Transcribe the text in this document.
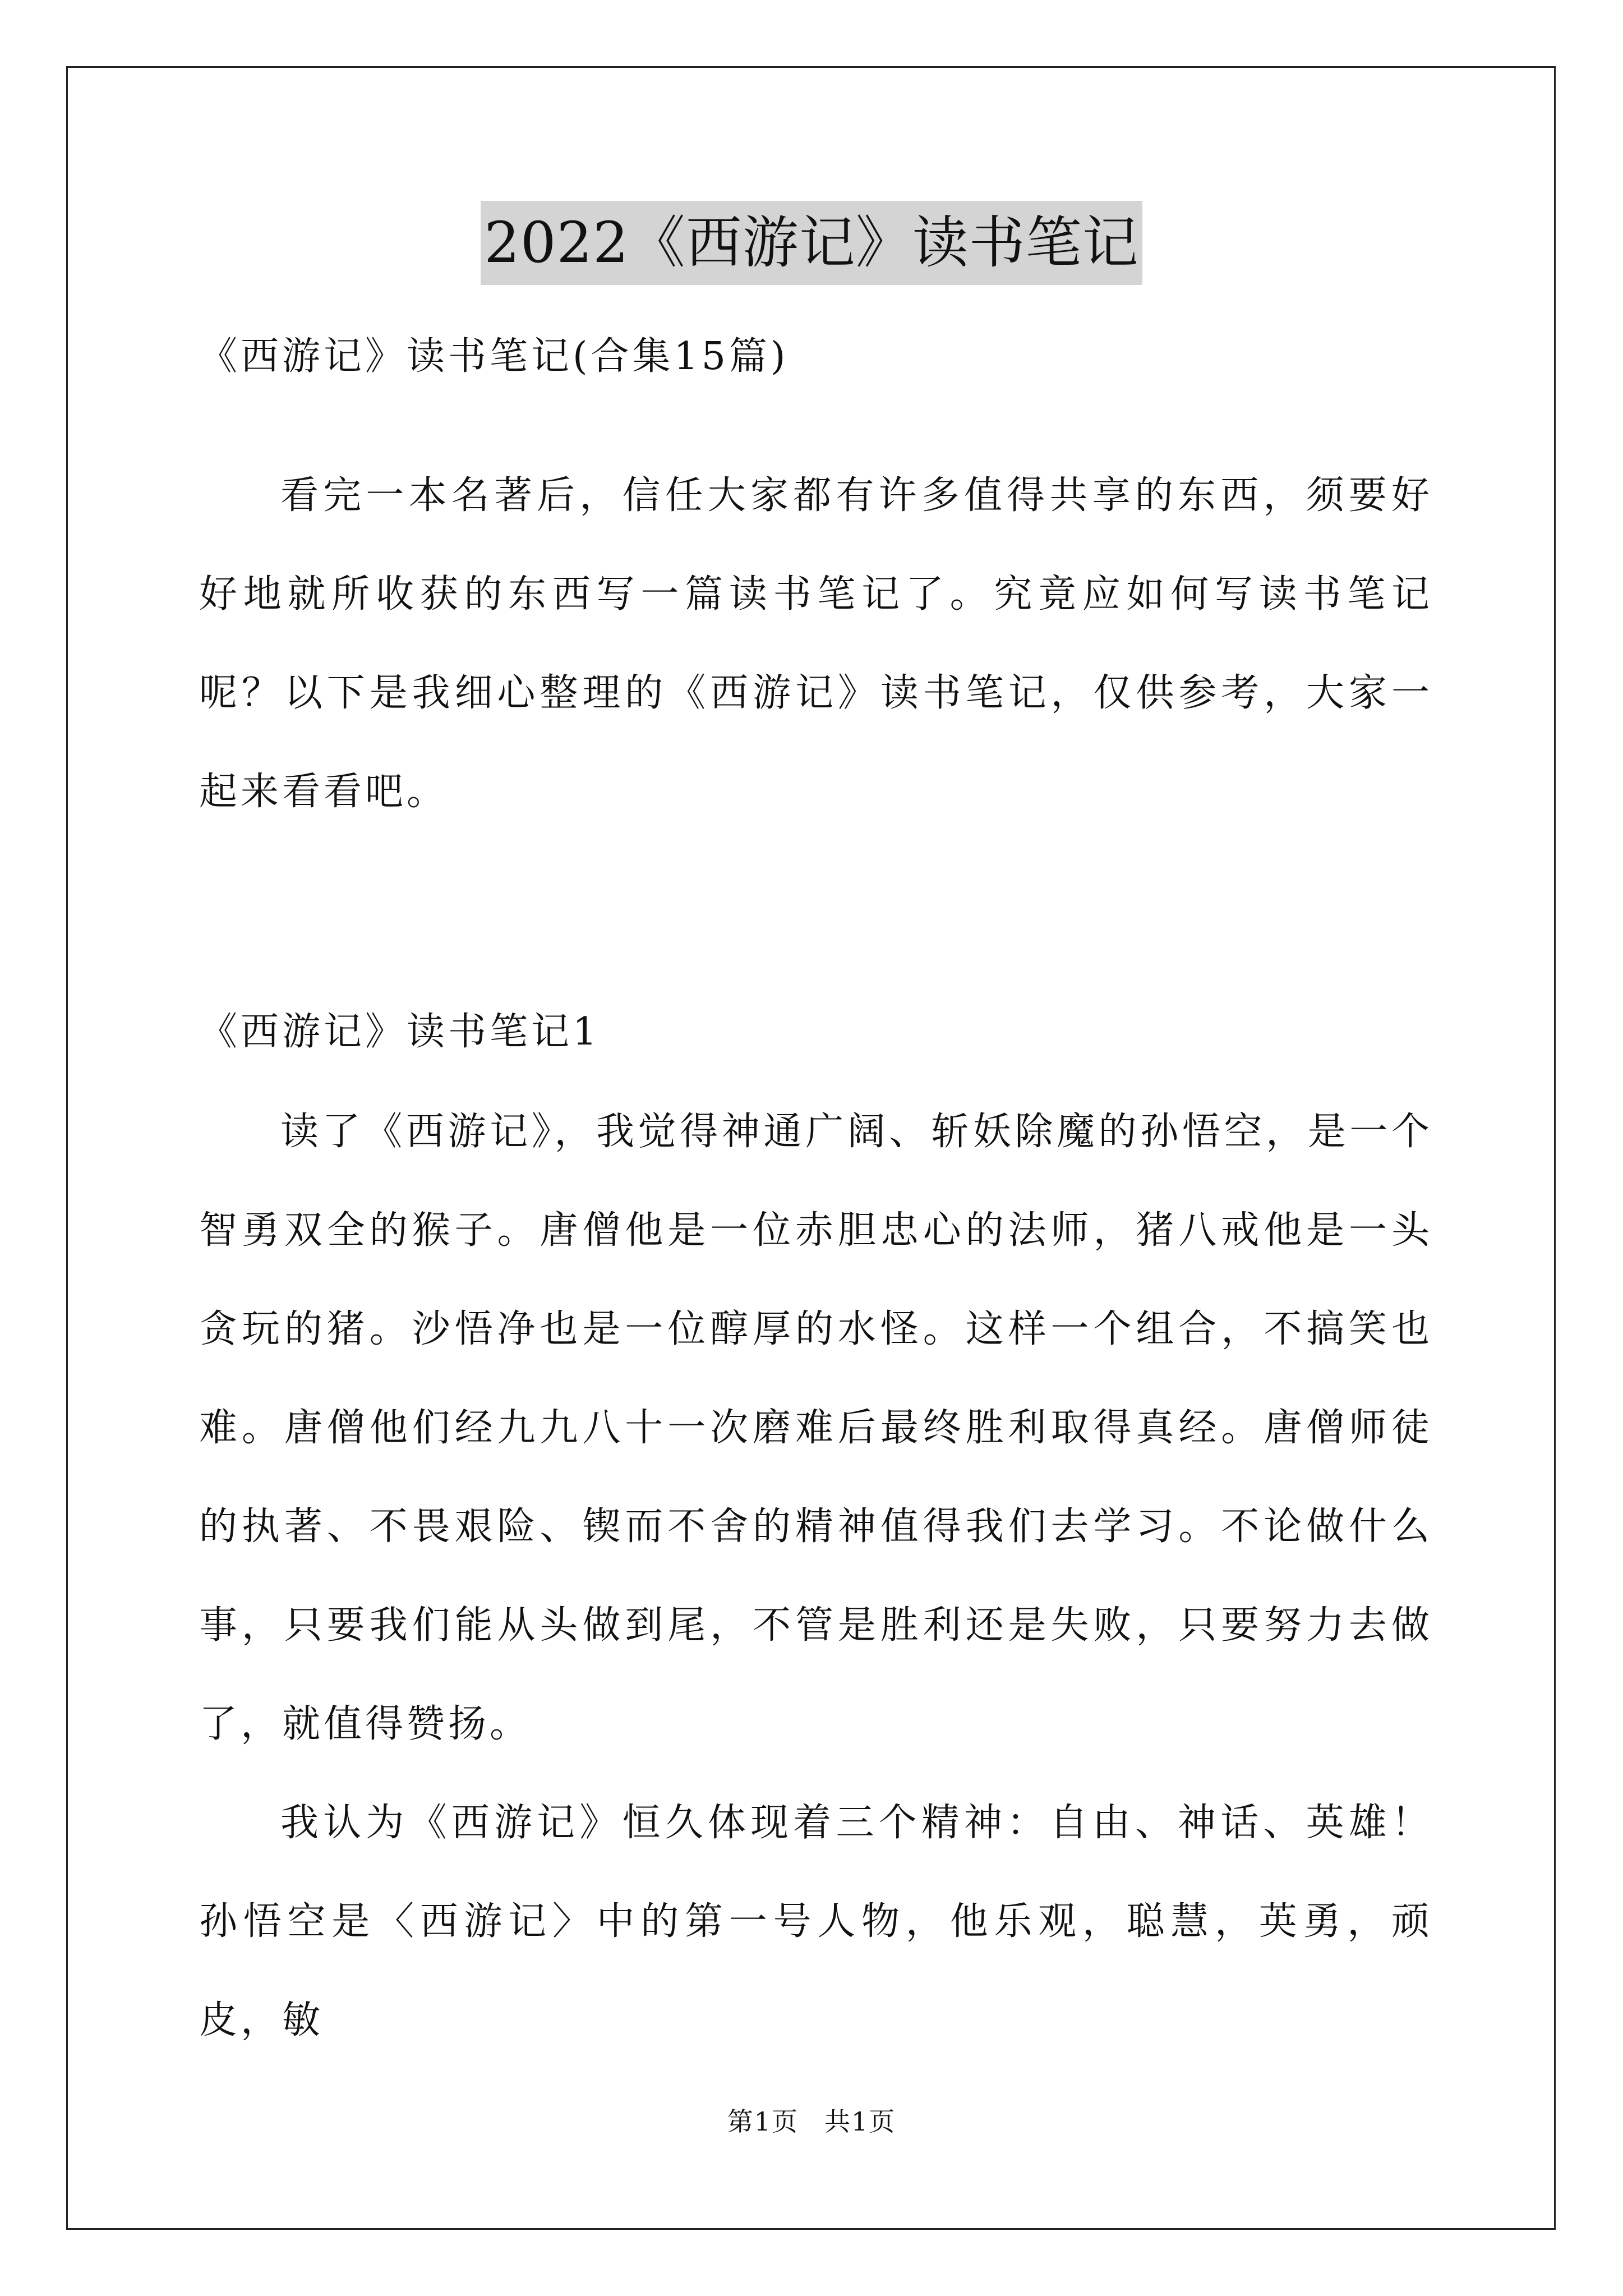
2022《西游记》读书笔记
《西游记》读书笔记(合集15篇)

看完一本名著后，信任大家都有许多值得共享的东西，须要好好地就所收获的东西写一篇读书笔记了。究竟应如何写读书笔记呢？以下是我细心整理的《西游记》读书笔记，仅供参考，大家一起来看看吧。

《西游记》读书笔记1

读了《西游记》，我觉得神通广阔、斩妖除魔的孙悟空，是一个智勇双全的猴子。唐僧他是一位赤胆忠心的法师，猪八戒他是一头贪玩的猪。沙悟净也是一位醇厚的水怪。这样一个组合，不搞笑也难。唐僧他们经九九八十一次磨难后最终胜利取得真经。唐僧师徒的执著、不畏艰险、锲而不舍的精神值得我们去学习。不论做什么事，只要我们能从头做到尾，不管是胜利还是失败，只要努力去做了，就值得赞扬。

我认为《西游记》恒久体现着三个精神：自由、神话、英雄！孙悟空是〈西游记〉中的第一号人物，他乐观，聪慧，英勇，顽皮，敏

第1页 共1页
